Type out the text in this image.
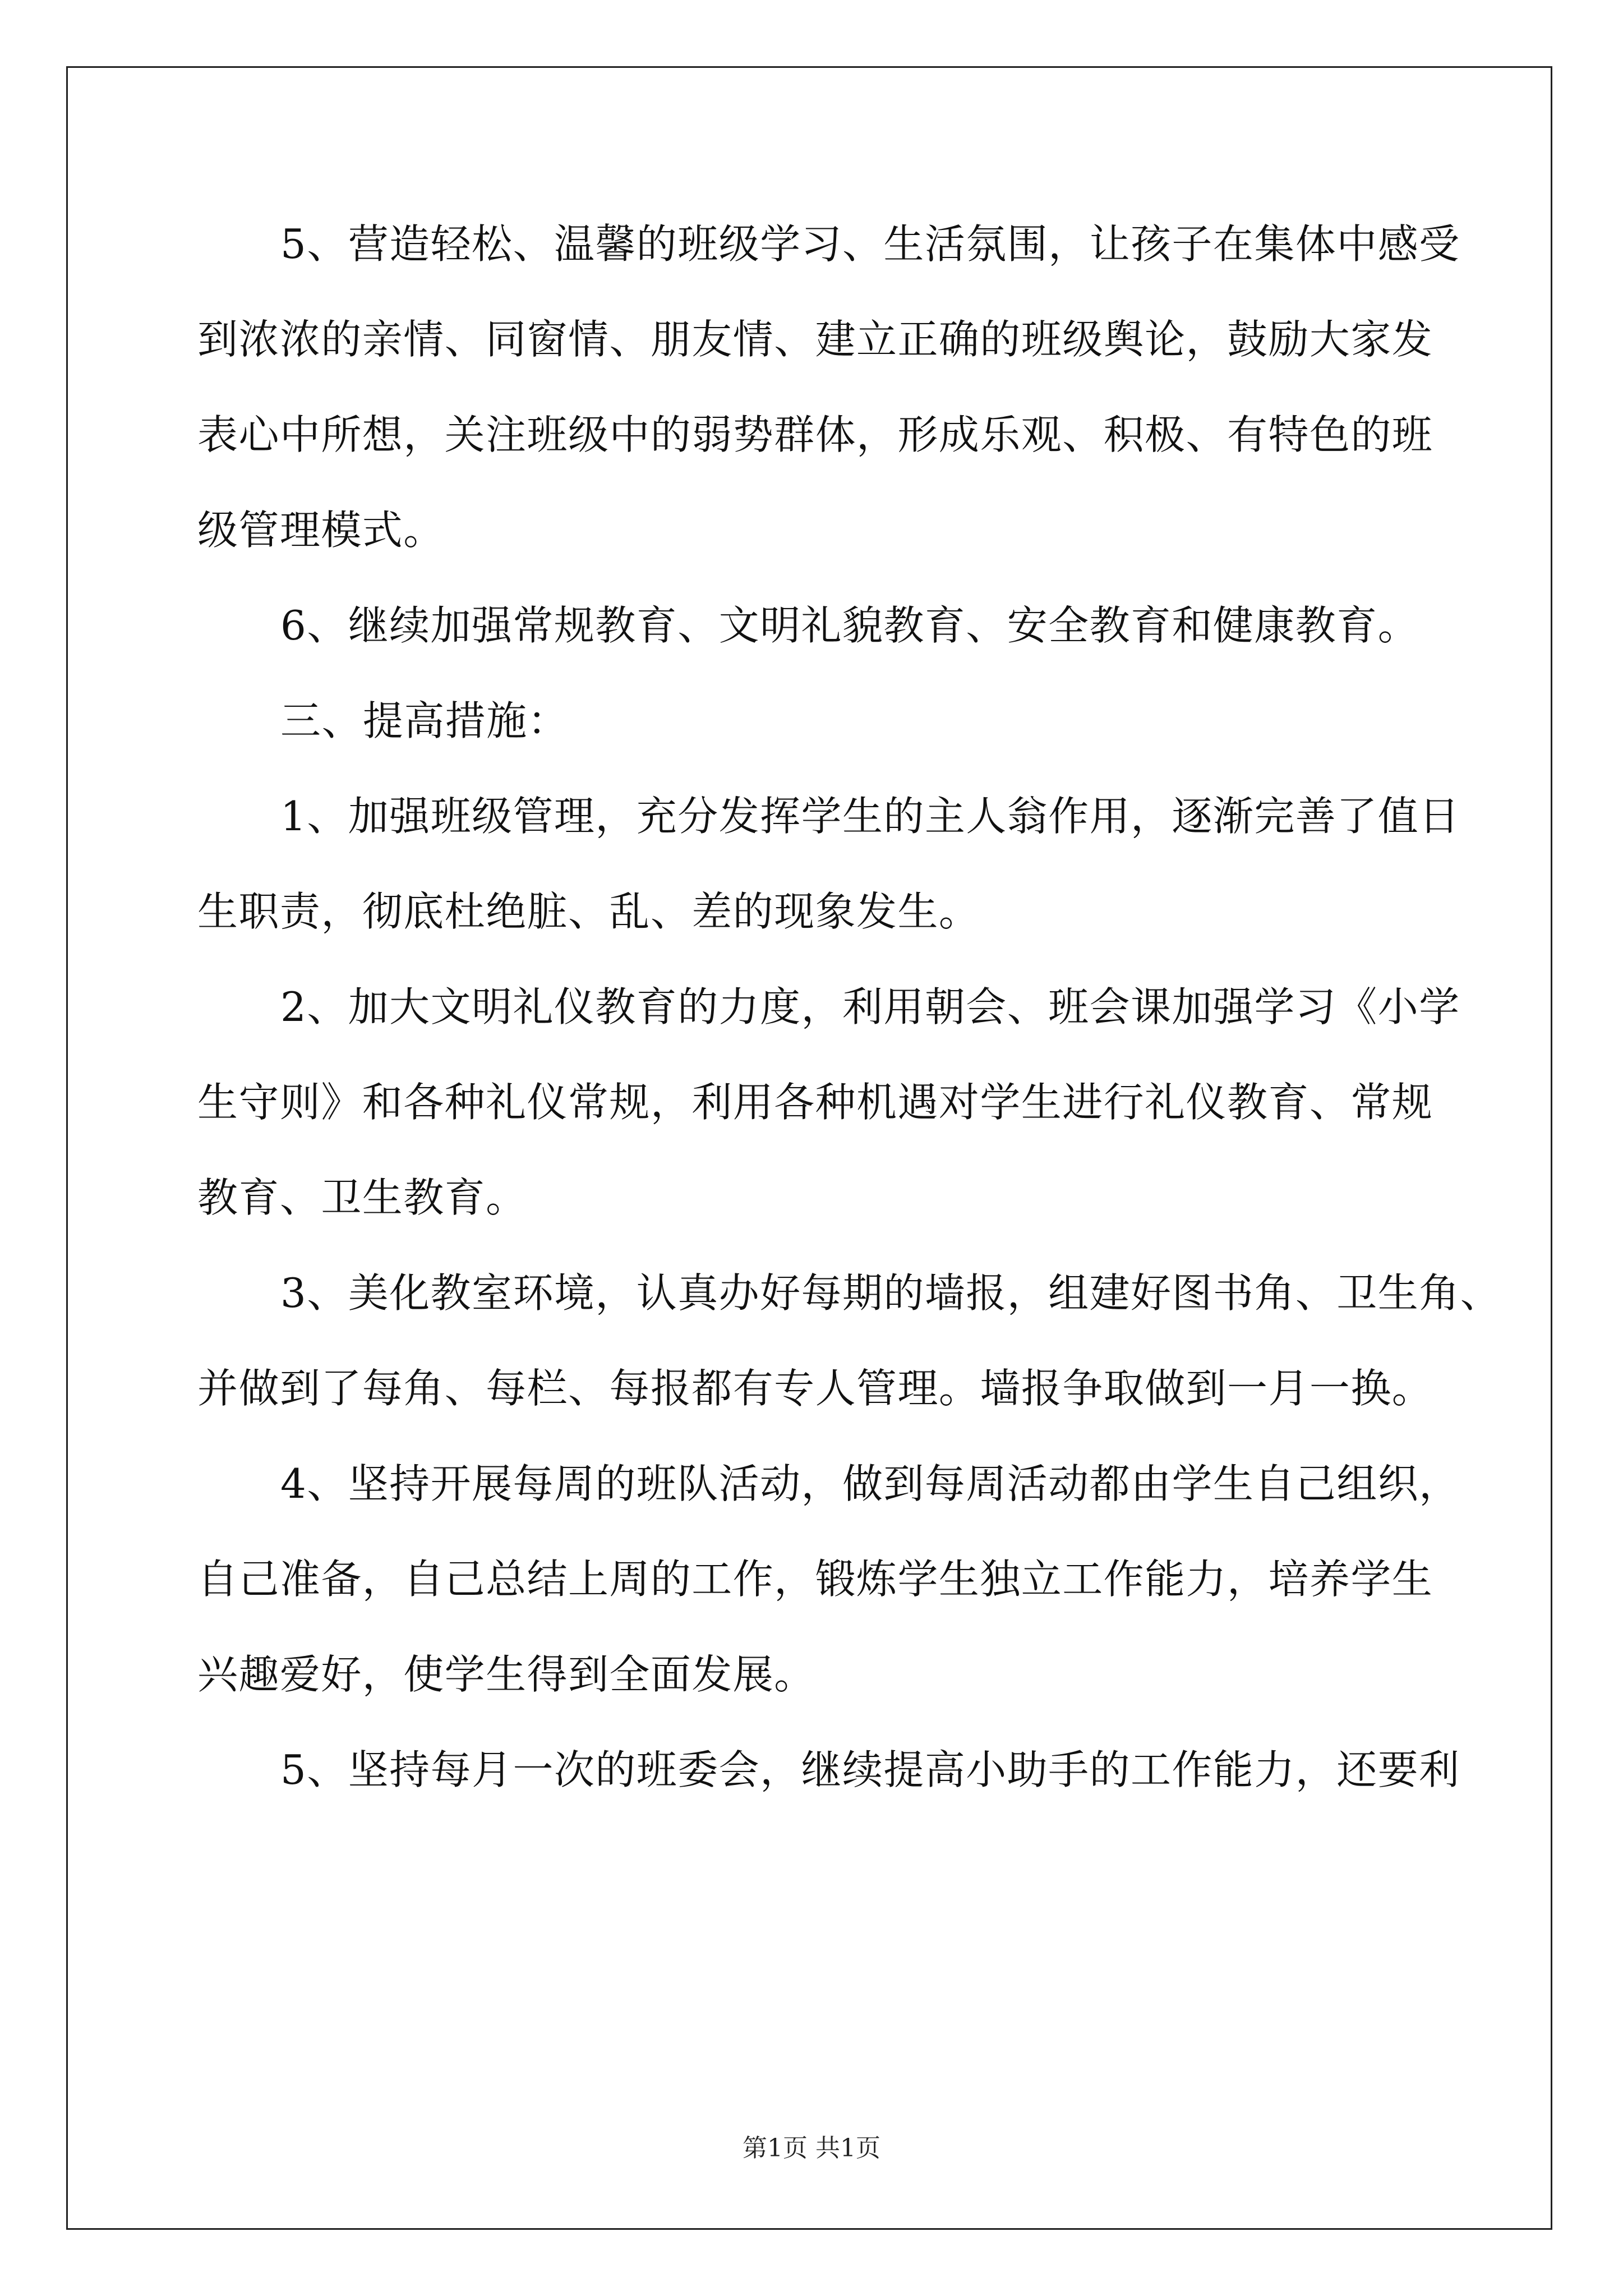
5、营造轻松、温馨的班级学习、生活氛围，让孩子在集体中感受
到浓浓的亲情、同窗情、朋友情、建立正确的班级舆论，鼓励大家发
表心中所想，关注班级中的弱势群体，形成乐观、积极、有特色的班
级管理模式。
6、继续加强常规教育、文明礼貌教育、安全教育和健康教育。
三、提高措施：
1、加强班级管理，充分发挥学生的主人翁作用，逐渐完善了值日
生职责，彻底杜绝脏、乱、差的现象发生。
2、加大文明礼仪教育的力度，利用朝会、班会课加强学习《小学
生守则》和各种礼仪常规，利用各种机遇对学生进行礼仪教育、常规
教育、卫生教育。
3、美化教室环境，认真办好每期的墙报，组建好图书角、卫生角、
并做到了每角、每栏、每报都有专人管理。墙报争取做到一月一换。
4、坚持开展每周的班队活动，做到每周活动都由学生自己组织，
自己准备，自己总结上周的工作，锻炼学生独立工作能力，培养学生
兴趣爱好，使学生得到全面发展。
5、坚持每月一次的班委会，继续提高小助手的工作能力，还要利
第1页 共1页
